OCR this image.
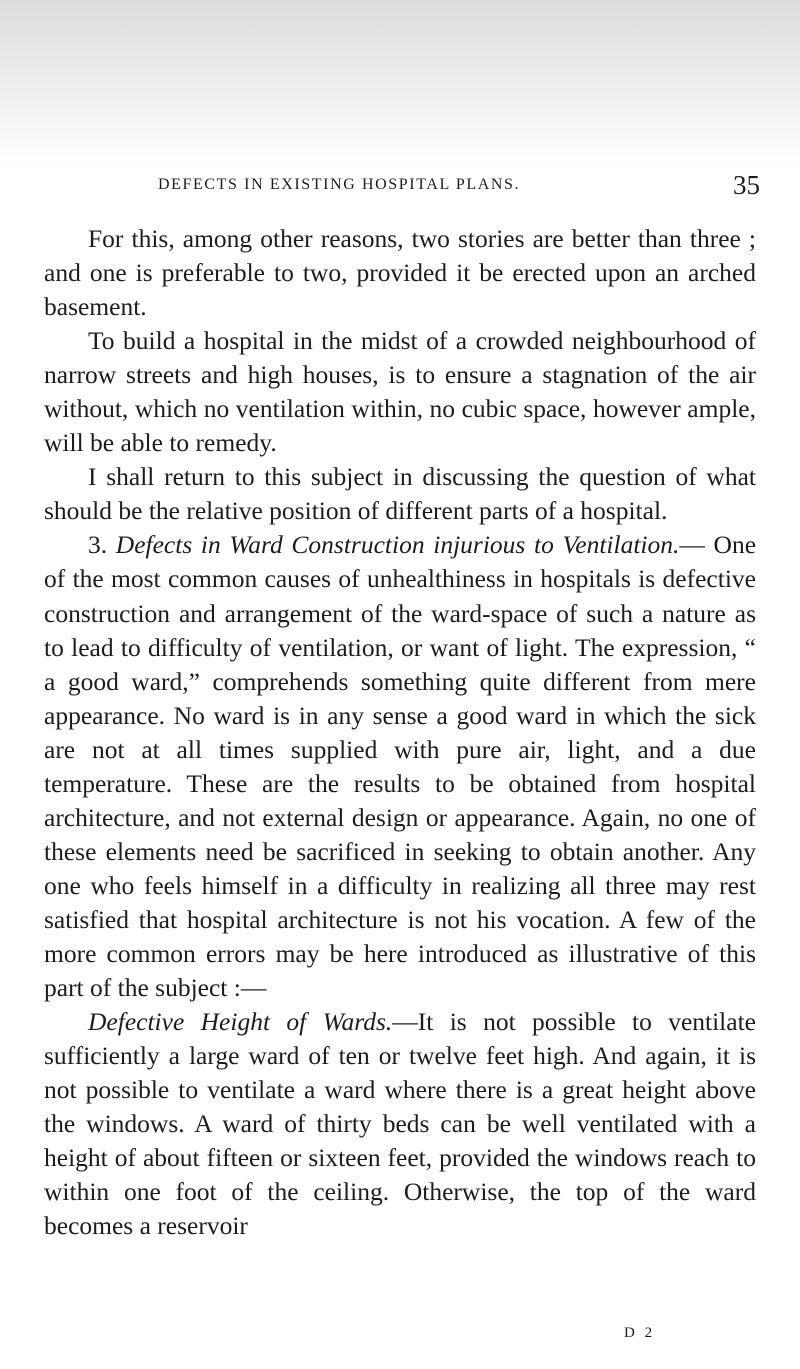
DEFECTS IN EXISTING HOSPITAL PLANS.	35

For this, among other reasons, two stories are better than three ; and one is preferable to two, provided it be erected upon an arched basement.

To build a hospital in the midst of a crowded neighbourhood of narrow streets and high houses, is to ensure a stagnation of the air without, which no ventilation within, no cubic space, however ample, will be able to remedy.

I shall return to this subject in discussing the question of what should be the relative position of different parts of a hospital.

3. Defects in Ward Construction injurious to Ventilation.— One of the most common causes of unhealthiness in hospitals is defective construction and arrangement of the ward-space of such a nature as to lead to difficulty of ventilation, or want of light. The expression, “ a good ward,” comprehends something quite different from mere appearance. No ward is in any sense a good ward in which the sick are not at all times supplied with pure air, light, and a due temperature. These are the results to be obtained from hospital architecture, and not external design or appearance. Again, no one of these elements need be sacrificed in seeking to obtain another. Any one who feels himself in a difficulty in realizing all three may rest satisfied that hospital architecture is not his vocation. A few of the more common errors may be here introduced as illustrative of this part of the subject :—

Defective Height of Wards.—It is not possible to ventilate sufficiently a large ward of ten or twelve feet high. And again, it is not possible to ventilate a ward where there is a great height above the windows. A ward of thirty beds can be well ventilated with a height of about fifteen or sixteen feet, provided the windows reach to within one foot of the ceiling. Otherwise, the top of the ward becomes a reservoir

D 2
